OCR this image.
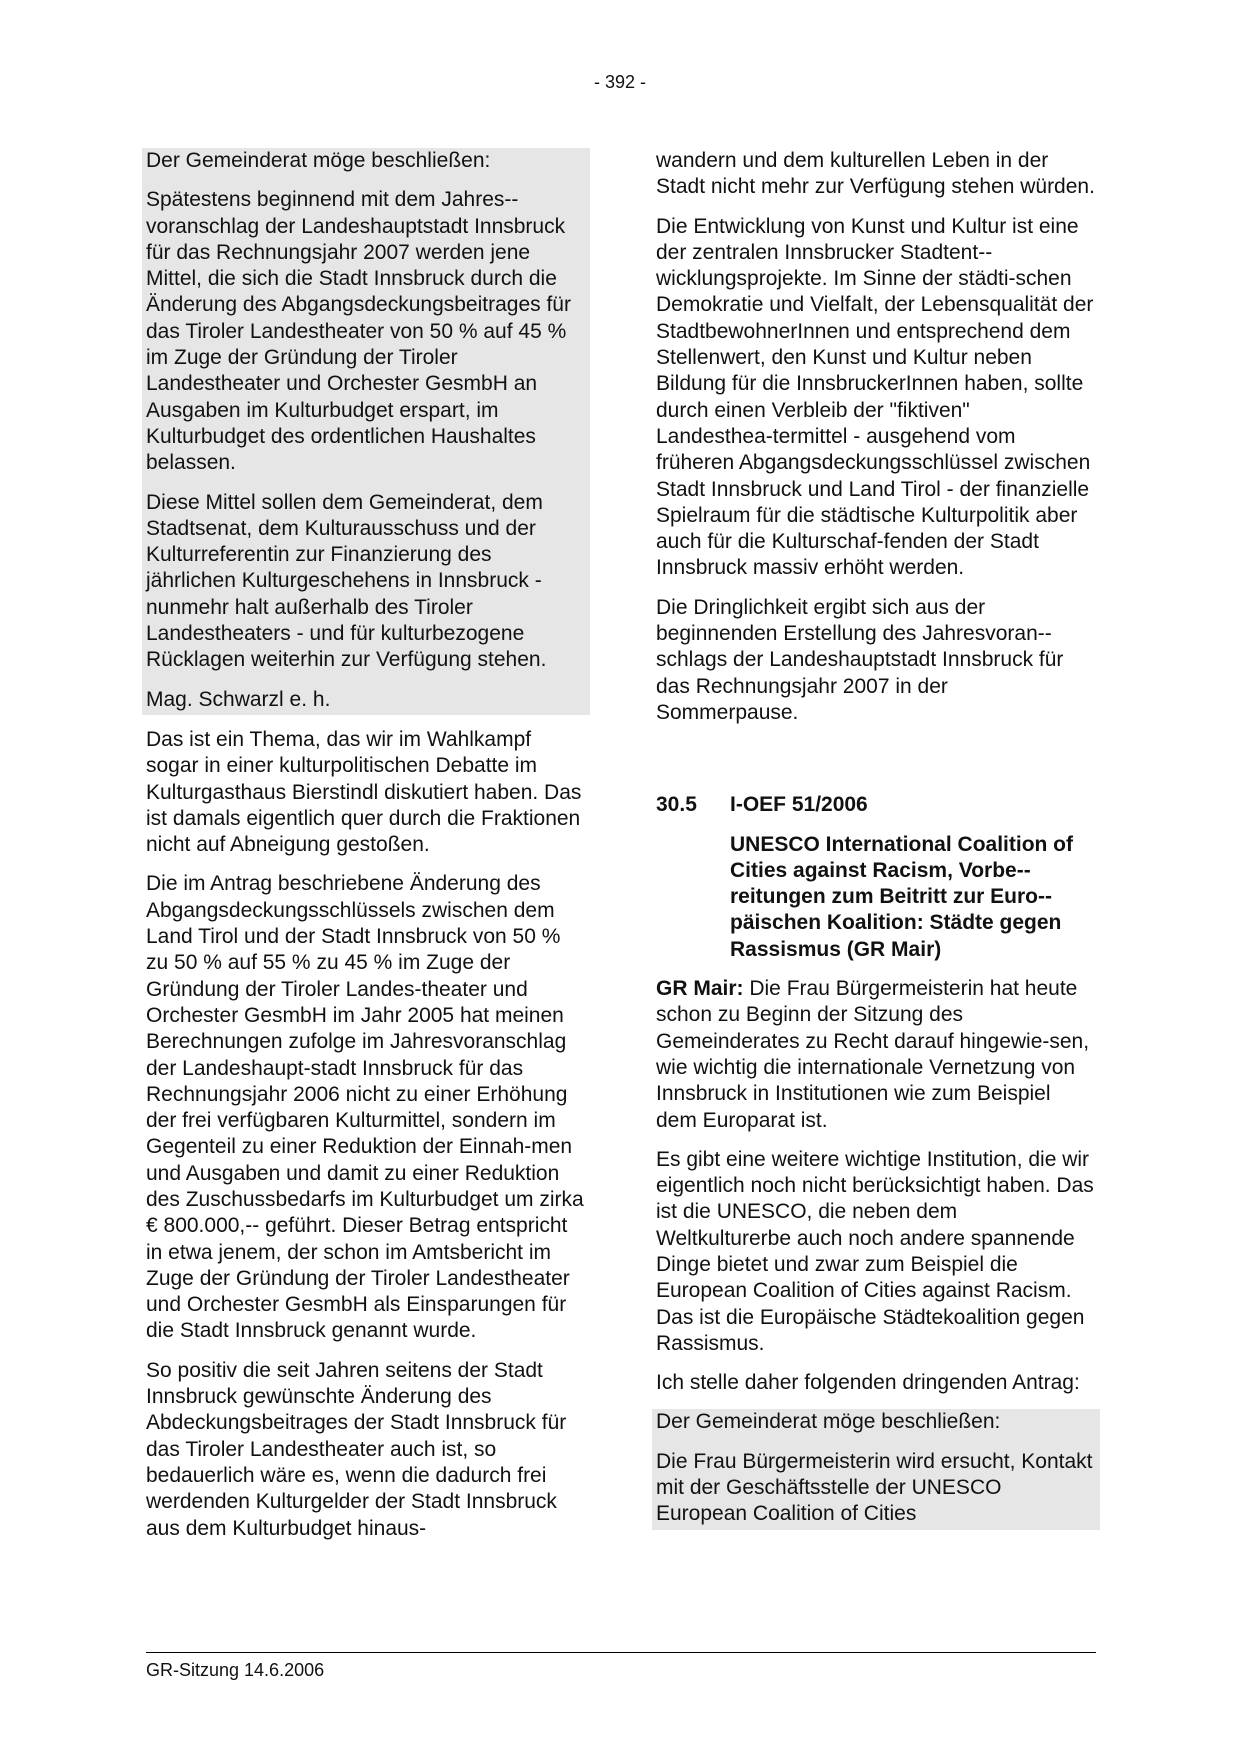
- 392 -

Der Gemeinderat möge beschließen:

Spätestens beginnend mit dem Jahres-voranschlag der Landeshauptstadt Innsbruck für das Rechnungsjahr 2007 werden jene Mittel, die sich die Stadt Innsbruck durch die Änderung des Abgangsdeckungsbeitrages für das Tiroler Landestheater von 50 % auf 45 % im Zuge der Gründung der Tiroler Landestheater und Orchester GesmbH an Ausgaben im Kulturbudget erspart, im Kulturbudget des ordentlichen Haushaltes belassen.

Diese Mittel sollen dem Gemeinderat, dem Stadtsenat, dem Kulturausschuss und der Kulturreferentin zur Finanzierung des jährlichen Kulturgeschehens in Innsbruck - nunmehr halt außerhalb des Tiroler Landestheaters - und für kulturbezogene Rücklagen weiterhin zur Verfügung stehen.

Mag. Schwarzl e. h.

Das ist ein Thema, das wir im Wahlkampf sogar in einer kulturpolitischen Debatte im Kulturgasthaus Bierstindl diskutiert haben. Das ist damals eigentlich quer durch die Fraktionen nicht auf Abneigung gestoßen.

Die im Antrag beschriebene Änderung des Abgangsdeckungsschlüssels zwischen dem Land Tirol und der Stadt Innsbruck von 50 % zu 50 % auf 55 % zu 45 % im Zuge der Gründung der Tiroler Landes-theater und Orchester GesmbH im Jahr 2005 hat meinen Berechnungen zufolge im Jahresvoranschlag der Landeshaupt-stadt Innsbruck für das Rechnungsjahr 2006 nicht zu einer Erhöhung der frei verfügbaren Kulturmittel, sondern im Gegenteil zu einer Reduktion der Einnah-men und Ausgaben und damit zu einer Reduktion des Zuschussbedarfs im Kulturbudget um zirka € 800.000,-- geführt. Dieser Betrag entspricht in etwa jenem, der schon im Amtsbericht im Zuge der Gründung der Tiroler Landestheater und Orchester GesmbH als Einsparungen für die Stadt Innsbruck genannt wurde.

So positiv die seit Jahren seitens der Stadt Innsbruck gewünschte Änderung des Abdeckungsbeitrages der Stadt Innsbruck für das Tiroler Landestheater auch ist, so bedauerlich wäre es, wenn die dadurch frei werdenden Kulturgelder der Stadt Innsbruck aus dem Kulturbudget hinaus-

wandern und dem kulturellen Leben in der Stadt nicht mehr zur Verfügung stehen würden.

Die Entwicklung von Kunst und Kultur ist eine der zentralen Innsbrucker Stadtent-wicklungsprojekte. Im Sinne der städti-schen Demokratie und Vielfalt, der Lebensqualität der StadtbewohnerInnen und entsprechend dem Stellenwert, den Kunst und Kultur neben Bildung für die InnsbruckerInnen haben, sollte durch einen Verbleib der "fiktiven" Landesthea-termittel - ausgehend vom früheren Abgangsdeckungsschlüssel zwischen Stadt Innsbruck und Land Tirol - der finanzielle Spielraum für die städtische Kulturpolitik aber auch für die Kulturschaf-fenden der Stadt Innsbruck massiv erhöht werden.

Die Dringlichkeit ergibt sich aus der beginnenden Erstellung des Jahresvoran-schlags der Landeshauptstadt Innsbruck für das Rechnungsjahr 2007 in der Sommerpause.

30.5	I-OEF 51/2006
UNESCO International Coalition of Cities against Racism, Vorbe-reitungen zum Beitritt zur Euro-päischen Koalition: Städte gegen Rassismus (GR Mair)

GR Mair: Die Frau Bürgermeisterin hat heute schon zu Beginn der Sitzung des Gemeinderates zu Recht darauf hingewie-sen, wie wichtig die internationale Vernetzung von Innsbruck in Institutionen wie zum Beispiel dem Europarat ist.

Es gibt eine weitere wichtige Institution, die wir eigentlich noch nicht berücksichtigt haben. Das ist die UNESCO, die neben dem Weltkulturerbe auch noch andere spannende Dinge bietet und zwar zum Beispiel die European Coalition of Cities against Racism. Das ist die Europäische Städtekoalition gegen Rassismus.

Ich stelle daher folgenden dringenden Antrag:

Der Gemeinderat möge beschließen:

Die Frau Bürgermeisterin wird ersucht, Kontakt mit der Geschäftsstelle der UNESCO European Coalition of Cities

GR-Sitzung 14.6.2006
